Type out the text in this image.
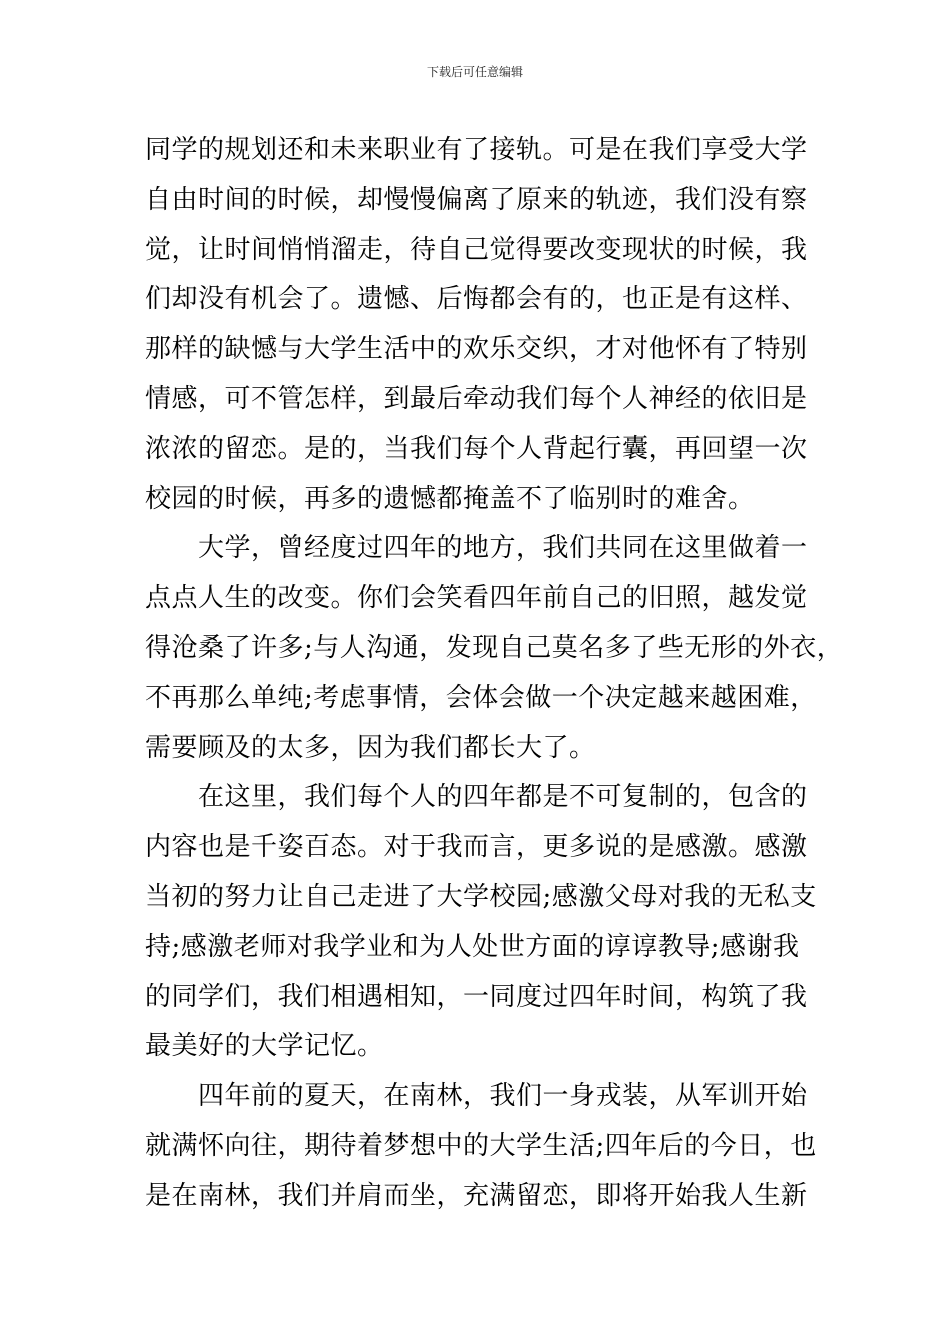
下载后可任意编辑
同学的规划还和未来职业有了接轨。可是在我们享受大学
自由时间的时候，却慢慢偏离了原来的轨迹，我们没有察
觉，让时间悄悄溜走，待自己觉得要改变现状的时候，我
们却没有机会了。遗憾、后悔都会有的，也正是有这样、
那样的缺憾与大学生活中的欢乐交织，才对他怀有了特别
情感，可不管怎样，到最后牵动我们每个人神经的依旧是
浓浓的留恋。是的，当我们每个人背起行囊，再回望一次
校园的时候，再多的遗憾都掩盖不了临别时的难舍。
大学，曾经度过四年的地方，我们共同在这里做着一
点点人生的改变。你们会笑看四年前自己的旧照，越发觉
得沧桑了许多;与人沟通，发现自己莫名多了些无形的外衣，
不再那么单纯;考虑事情，会体会做一个决定越来越困难，
需要顾及的太多，因为我们都长大了。
在这里，我们每个人的四年都是不可复制的，包含的
内容也是千姿百态。对于我而言，更多说的是感激。感激
当初的努力让自己走进了大学校园;感激父母对我的无私支
持;感激老师对我学业和为人处世方面的谆谆教导;感谢我
的同学们，我们相遇相知，一同度过四年时间，构筑了我
最美好的大学记忆。
四年前的夏天，在南林，我们一身戎装，从军训开始
就满怀向往，期待着梦想中的大学生活;四年后的今日，也
是在南林，我们并肩而坐，充满留恋，即将开始我人生新
